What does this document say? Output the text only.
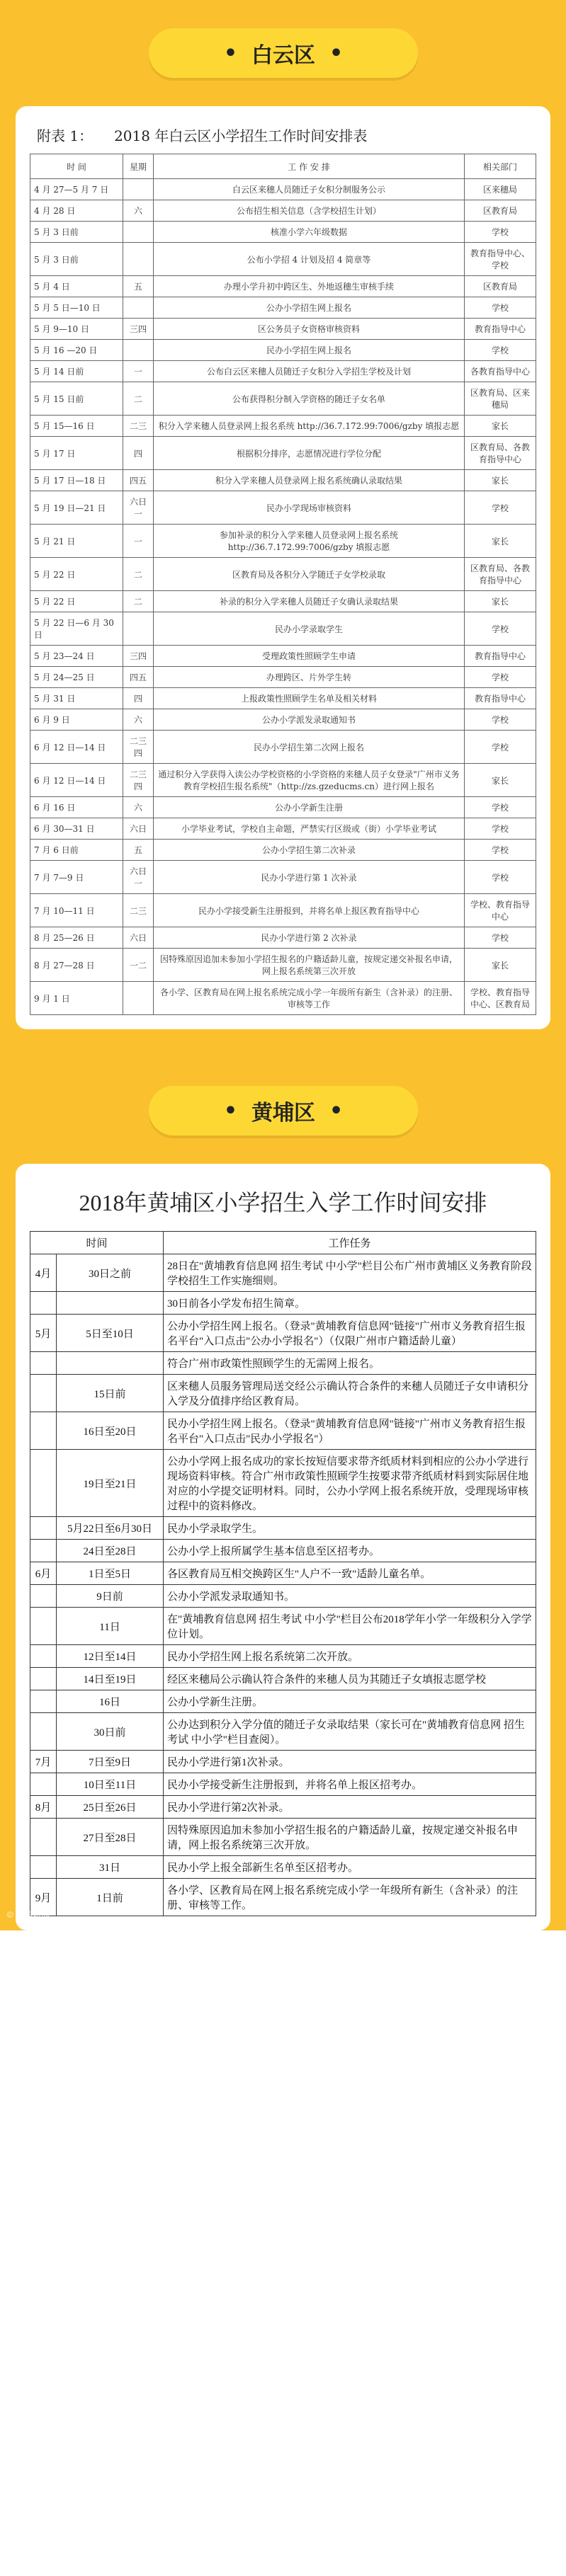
• 白云区 •
附表 1：　　2018 年白云区小学招生工作时间安排表
时 间	星期	工 作 安 排	相关部门
4 月 27—5 月 7 日		白云区来穗人员随迁子女积分制服务公示	区来穗局
4 月 28 日	六	公布招生相关信息（含学校招生计划）	区教育局
5 月 3 日前		核准小学六年级数据	学校
5 月 3 日前		公布小学招 4 计划及招 4 简章等	教育指导中心、学校
5 月 4 日	五	办理小学升初中跨区生、外地返穗生审核手续	区教育局
5 月 5 日—10 日		公办小学招生网上报名	学校
5 月 9—10 日	三四	区公务员子女资格审核资料	教育指导中心
5 月 16 —20 日		民办小学招生网上报名	学校
5 月 14 日前	一	公布白云区来穗人员随迁子女积分入学招生学校及计划	各教育指导中心
5 月 15 日前	二	公布获得积分制入学资格的随迁子女名单	区教育局、区来穗局
5 月 15—16 日	二三	积分入学来穗人员登录网上报名系统 http://36.7.172.99:7006/gzby 填报志愿	家长
5 月 17 日	四	根据积分排序，志愿情况进行学位分配	区教育局、各教育指导中心
5 月 17 日—18 日	四五	积分入学来穗人员登录网上报名系统确认录取结果	家长
5 月 19 日—21 日	六日一	民办小学现场审核资料	学校
5 月 21 日	一	参加补录的积分入学来穗人员登录网上报名系统 http://36.7.172.99:7006/gzby 填报志愿	家长
5 月 22 日	二	区教育局及各积分入学随迁子女学校录取	区教育局、各教育指导中心
5 月 22 日	二	补录的积分入学来穗人员随迁子女确认录取结果	家长
5 月 22 日—6 月 30 日		民办小学录取学生	学校
5 月 23—24 日	三四	受理政策性照顾学生申请	教育指导中心
5 月 24—25 日	四五	办理跨区、片外学生转	学校
5 月 31 日	四	上报政策性照顾学生名单及相关材料	教育指导中心
6 月 9 日	六	公办小学派发录取通知书	学校
6 月 12 日—14 日	二三四	民办小学招生第二次网上报名	学校
6 月 12 日—14 日	二三四	通过积分入学获得入读公办学校资格的小学资格的来穗人员子女登录"广州市义务教育学校招生报名系统"（http://zs.gzeducms.cn）进行网上报名	家长
6 月 16 日	六	公办小学新生注册	学校
6 月 30—31 日	六日	小学毕业考试，学校自主命题，严禁实行区级或（街）小学毕业考试	学校
7 月 6 日前	五	公办小学招生第二次补录	学校
7 月 7—9 日	六日一	民办小学进行第 1 次补录	学校
7 月 10—11 日	二三	民办小学接受新生注册报到，并将名单上报区教育指导中心	学校、教育指导中心
8 月 25—26 日	六日	民办小学进行第 2 次补录	学校
8 月 27—28 日	一二	因特殊原因追加未参加小学招生报名的户籍适龄儿童，按规定递交补报名申请，网上报名系统第三次开放	家长
9 月 1 日		各小学、区教育局在网上报名系统完成小学一年级所有新生（含补录）的注册、审核等工作	学校、教育指导中心、区教育局
• 黄埔区 •
2018年黄埔区小学招生入学工作时间安排
时间		工作任务
4月	30日之前	28日在"黄埔教育信息网 招生考试 中小学"栏目公布广州市黄埔区义务教育阶段学校招生工作实施细则。
		30日前各小学发布招生简章。
5月	5日至10日	公办小学招生网上报名。（登录"黄埔教育信息网"链接"广州市义务教育招生报名平台"入口点击"公办小学报名"）（仅限广州市户籍适龄儿童）
		符合广州市政策性照顾学生的无需网上报名。
	15日前	区来穗人员服务管理局送交经公示确认符合条件的来穗人员随迁子女申请积分入学及分值排序给区教育局。
	16日至20日	民办小学招生网上报名。（登录"黄埔教育信息网"链接"广州市义务教育招生报名平台"入口点击"民办小学报名"）
	19日至21日	公办小学网上报名成功的家长按短信要求带齐纸质材料到相应的公办小学进行现场资料审核。符合广州市政策性照顾学生按要求带齐纸质材料到实际居住地对应的小学提交证明材料。同时，公办小学网上报名系统开放，受理现场审核过程中的资料修改。
	5月22日至6月30日	民办小学录取学生。
	24日至28日	公办小学上报所属学生基本信息至区招考办。
6月	1日至5日	各区教育局互相交换跨区生"人户不一致"适龄儿童名单。
	9日前	公办小学派发录取通知书。
	11日	在"黄埔教育信息网 招生考试 中小学"栏目公布2018学年小学一年级积分入学学位计划。
	12日至14日	民办小学招生网上报名系统第二次开放。
	14日至19日	经区来穗局公示确认符合条件的来穗人员为其随迁子女填报志愿学校
	16日	公办小学新生注册。
	30日前	公办达到积分入学分值的随迁子女录取结果（家长可在"黄埔教育信息网 招生考试 中小学"栏目查阅）。
7月	7日至9日	民办小学进行第1次补录。
	10日至11日	民办小学接受新生注册报到，并将名单上报区招考办。
8月	25日至26日	民办小学进行第2次补录。
	27日至28日	因特殊原因追加未参加小学招生报名的户籍适龄儿童，按规定递交补报名申请，网上报名系统第三次开放。
	31日	民办小学上报全部新生名单至区招考办。
9月	1日前	各小学、区教育局在网上报名系统完成小学一年级所有新生（含补录）的注册、审核等工作。
© 大洋新闻
